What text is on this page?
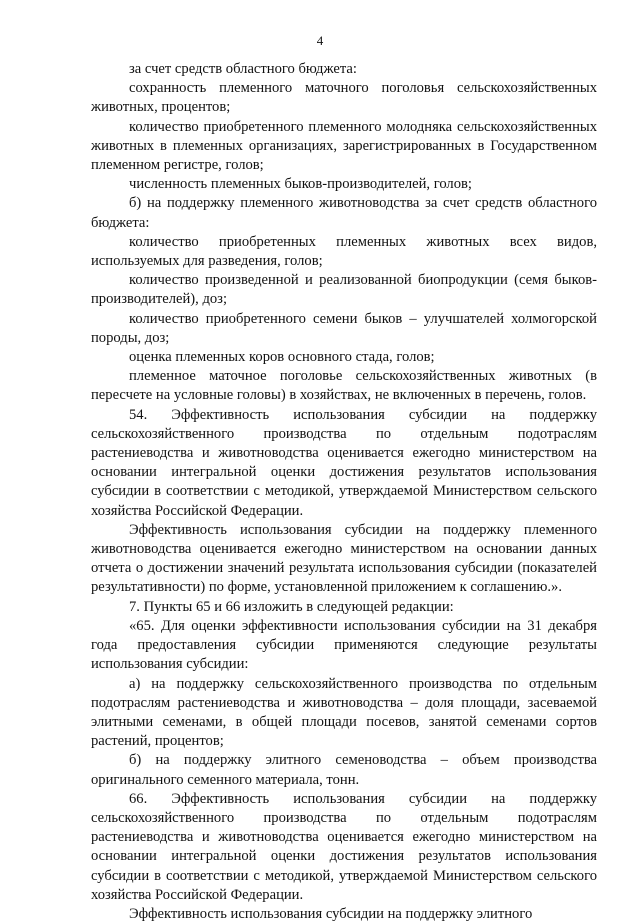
4

за счет средств областного бюджета:

сохранность племенного маточного поголовья сельскохозяйственных животных, процентов;

количество приобретенного племенного молодняка сельскохозяйственных животных в племенных организациях, зарегистрированных в Государственном племенном регистре, голов;

численность племенных быков-производителей, голов;

б) на поддержку племенного животноводства за счет средств областного бюджета:

количество приобретенных племенных животных всех видов, используемых для разведения, голов;

количество произведенной и реализованной биопродукции (семя быков-производителей), доз;

количество приобретенного семени быков – улучшателей холмогорской породы, доз;

оценка племенных коров основного стада, голов;

племенное маточное поголовье сельскохозяйственных животных (в пересчете на условные головы) в хозяйствах, не включенных в перечень, голов.

54. Эффективность использования субсидии на поддержку сельскохозяйственного производства по отдельным подотраслям растениеводства и животноводства оценивается ежегодно министерством на основании интегральной оценки достижения результатов использования субсидии в соответствии с методикой, утверждаемой Министерством сельского хозяйства Российской Федерации.

Эффективность использования субсидии на поддержку племенного животноводства оценивается ежегодно министерством на основании данных отчета о достижении значений результата использования субсидии (показателей результативности) по форме, установленной приложением к соглашению.».

7. Пункты 65 и 66 изложить в следующей редакции:

«65. Для оценки эффективности использования субсидии на 31 декабря года предоставления субсидии применяются следующие результаты использования субсидии:

а) на поддержку сельскохозяйственного производства по отдельным подотраслям растениеводства и животноводства – доля площади, засеваемой элитными семенами, в общей площади посевов, занятой семенами сортов растений, процентов;

б) на поддержку элитного семеноводства – объем производства оригинального семенного материала, тонн.

66. Эффективность использования субсидии на поддержку сельскохозяйственного производства по отдельным подотраслям растениеводства и животноводства оценивается ежегодно министерством на основании интегральной оценки достижения результатов использования субсидии в соответствии с методикой, утверждаемой Министерством сельского хозяйства Российской Федерации.

Эффективность использования субсидии на поддержку элитного
